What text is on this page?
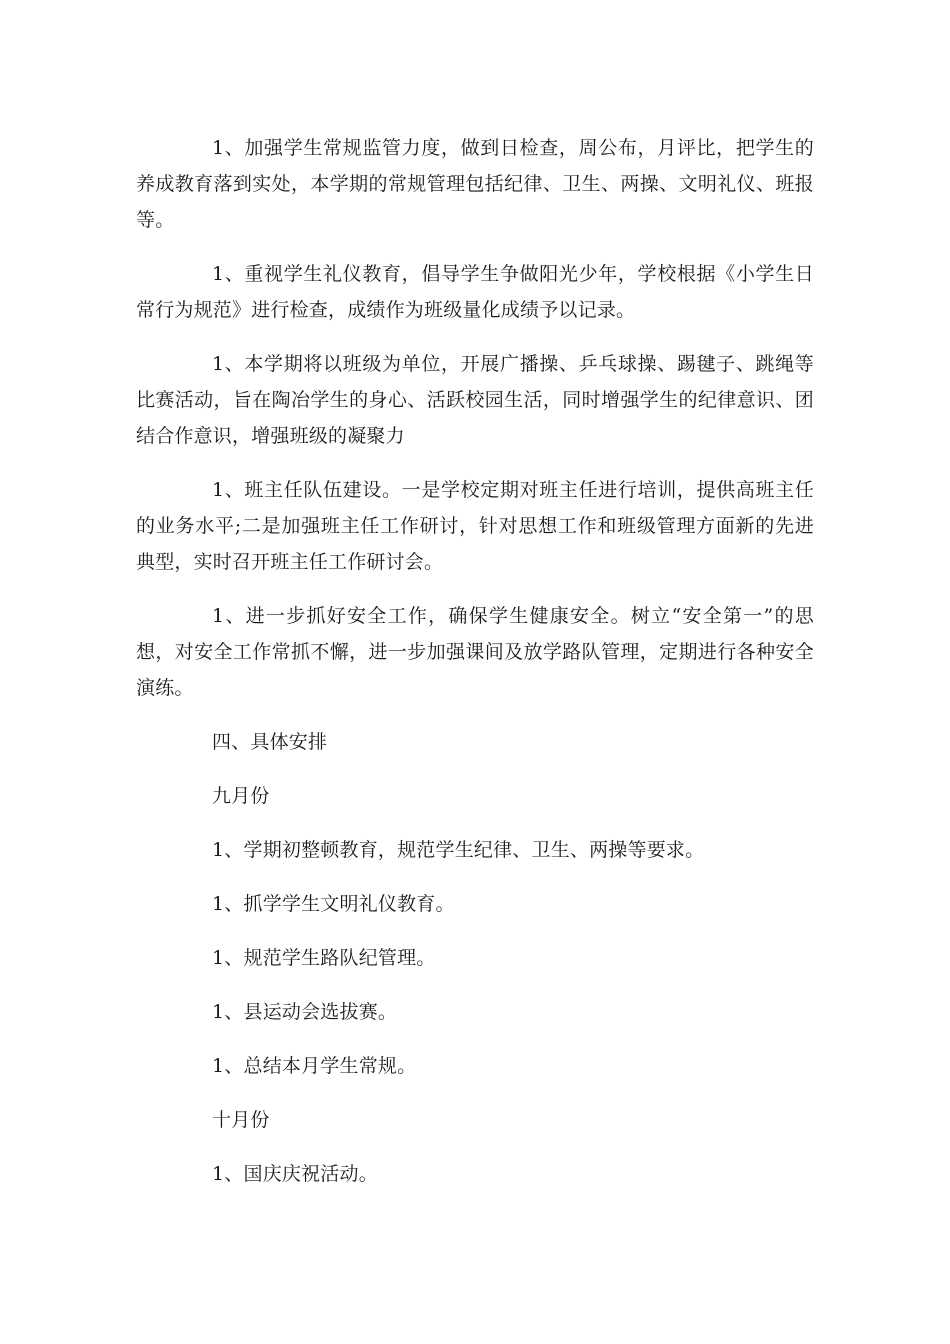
1、加强学生常规监管力度，做到日检查，周公布，月评比，把学生的养成教育落到实处，本学期的常规管理包括纪律、卫生、两操、文明礼仪、班报等。

1、重视学生礼仪教育，倡导学生争做阳光少年，学校根据《小学生日常行为规范》进行检查，成绩作为班级量化成绩予以记录。

1、本学期将以班级为单位，开展广播操、乒乓球操、踢毽子、跳绳等比赛活动，旨在陶冶学生的身心、活跃校园生活，同时增强学生的纪律意识、团结合作意识，增强班级的凝聚力

1、班主任队伍建设。一是学校定期对班主任进行培训，提供高班主任的业务水平;二是加强班主任工作研讨，针对思想工作和班级管理方面新的先进典型，实时召开班主任工作研讨会。

1、进一步抓好安全工作，确保学生健康安全。树立“安全第一”的思想，对安全工作常抓不懈，进一步加强课间及放学路队管理，定期进行各种安全演练。

四、具体安排

九月份

1、学期初整顿教育，规范学生纪律、卫生、两操等要求。

1、抓学学生文明礼仪教育。

1、规范学生路队纪管理。

1、县运动会选拔赛。

1、总结本月学生常规。

十月份

1、国庆庆祝活动。
